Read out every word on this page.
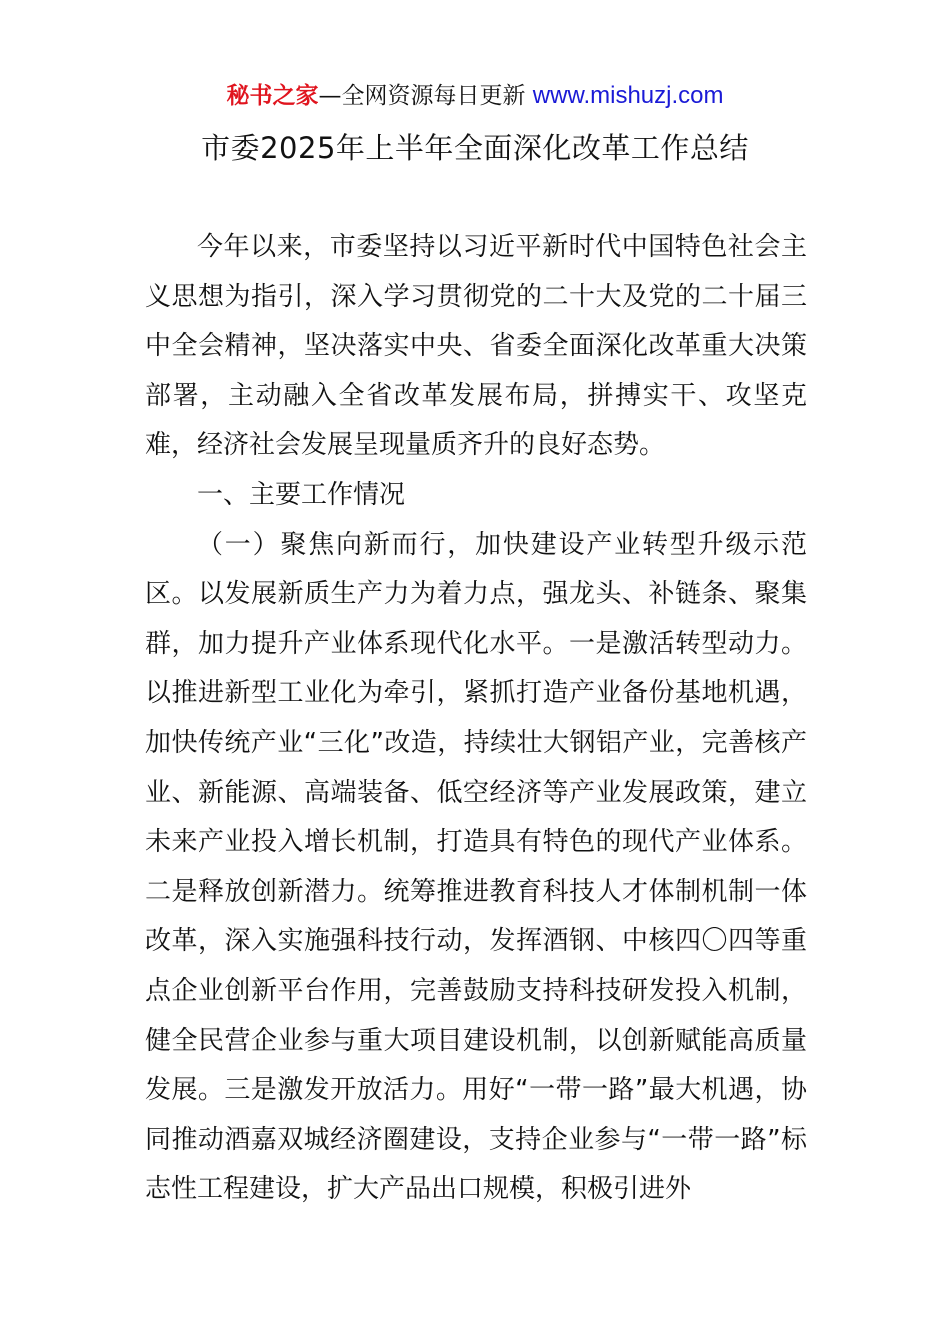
秘书之家—全网资源每日更新 www.mishuzj.com
市委2025年上半年全面深化改革工作总结

今年以来，市委坚持以习近平新时代中国特色社会主义思想为指引，深入学习贯彻党的二十大及党的二十届三中全会精神，坚决落实中央、省委全面深化改革重大决策部署，主动融入全省改革发展布局，拼搏实干、攻坚克难，经济社会发展呈现量质齐升的良好态势。

一、主要工作情况

（一）聚焦向新而行，加快建设产业转型升级示范区。以发展新质生产力为着力点，强龙头、补链条、聚集群，加力提升产业体系现代化水平。一是激活转型动力。以推进新型工业化为牵引，紧抓打造产业备份基地机遇，加快传统产业“三化”改造，持续壮大钢铝产业，完善核产业、新能源、高端装备、低空经济等产业发展政策，建立未来产业投入增长机制，打造具有特色的现代产业体系。二是释放创新潜力。统筹推进教育科技人才体制机制一体改革，深入实施强科技行动，发挥酒钢、中核四〇四等重点企业创新平台作用，完善鼓励支持科技研发投入机制，健全民营企业参与重大项目建设机制，以创新赋能高质量发展。三是激发开放活力。用好“一带一路”最大机遇，协同推动酒嘉双城经济圈建设，支持企业参与“一带一路”标志性工程建设，扩大产品出口规模，积极引进外
